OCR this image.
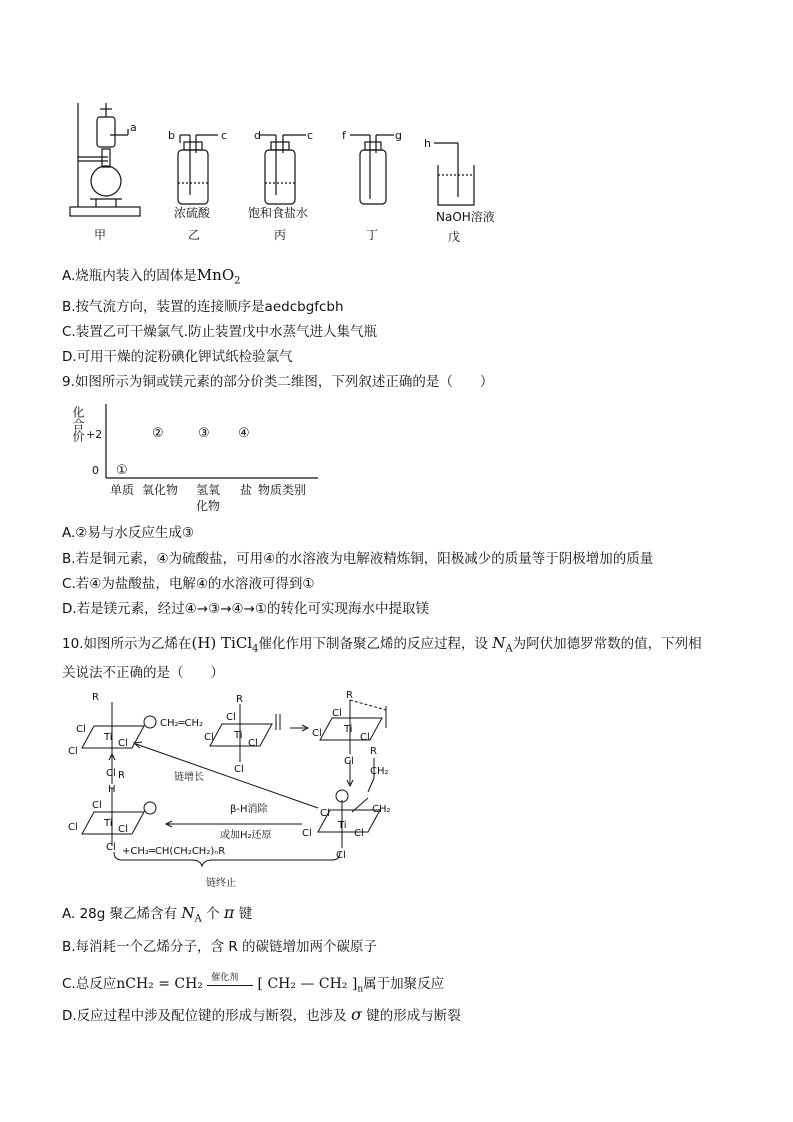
a
b	c d	c	f	g
h
浓硫酸	饱和食盐水	NaOH溶液
甲	乙	丙	丁	戊
A.烧瓶内装入的固体是MnO$_2$
B.按气流方向，装置的连接顺序是aedcbgfcbh
C.装置乙可干燥氯气.防止装置戊中水蒸气进人集气瓶
D.可用干燥的淀粉碘化钾试纸检验氯气
9.如图所示为铜或镁元素的部分价类二维图，下列叙述正确的是（　　）
化合价 +2
0 ①
②	③ ④
单质 氧化物 氢氧
化物
盐 物质类别
A.②易与水反应生成③
B.若是铜元素，④为硫酸盐，可用④的水溶液为电解液精炼铜，阳极减少的质量等于阴极增加的质量
C.若④为盐酸盐，电解④的水溶液可得到①
D.若是镁元素，经过④→③→④→①的转化可实现海水中提取镁
10.如图所示为乙烯在(H) TiCl$_4$催化作用下制备聚乙烯的反应过程，设 $N_A$为阿伏加德罗常数的值，下列相
关说法不正确的是（　　）
R
Cl
Cl
Ti
Cl
Cl
CH₂═CH₂
R
Cl
Cl Ti
Cl
Cl
R
Cl
Cl Ti
Cl
Cl
R
CH₂
CH₂
Cl
Cl
Ti
Cl
Cl
R
H
Cl
Cl	Ti
Cl
Cl +CH₂═CH(CH₂CH₂)ₙR
链增长
β-H消除
或加H₂还原
链终止
A. 28g 聚乙烯含有 $N_A$ 个 π 键
B.每消耗一个乙烯分子，含 R 的碳链增加两个碳原子
C.总反应nCH₂ = CH₂ 催化剂 [ CH₂ — CH₂ ]$_n$属于加聚反应
D.反应过程中涉及配位键的形成与断裂，也涉及 σ 键的形成与断裂
